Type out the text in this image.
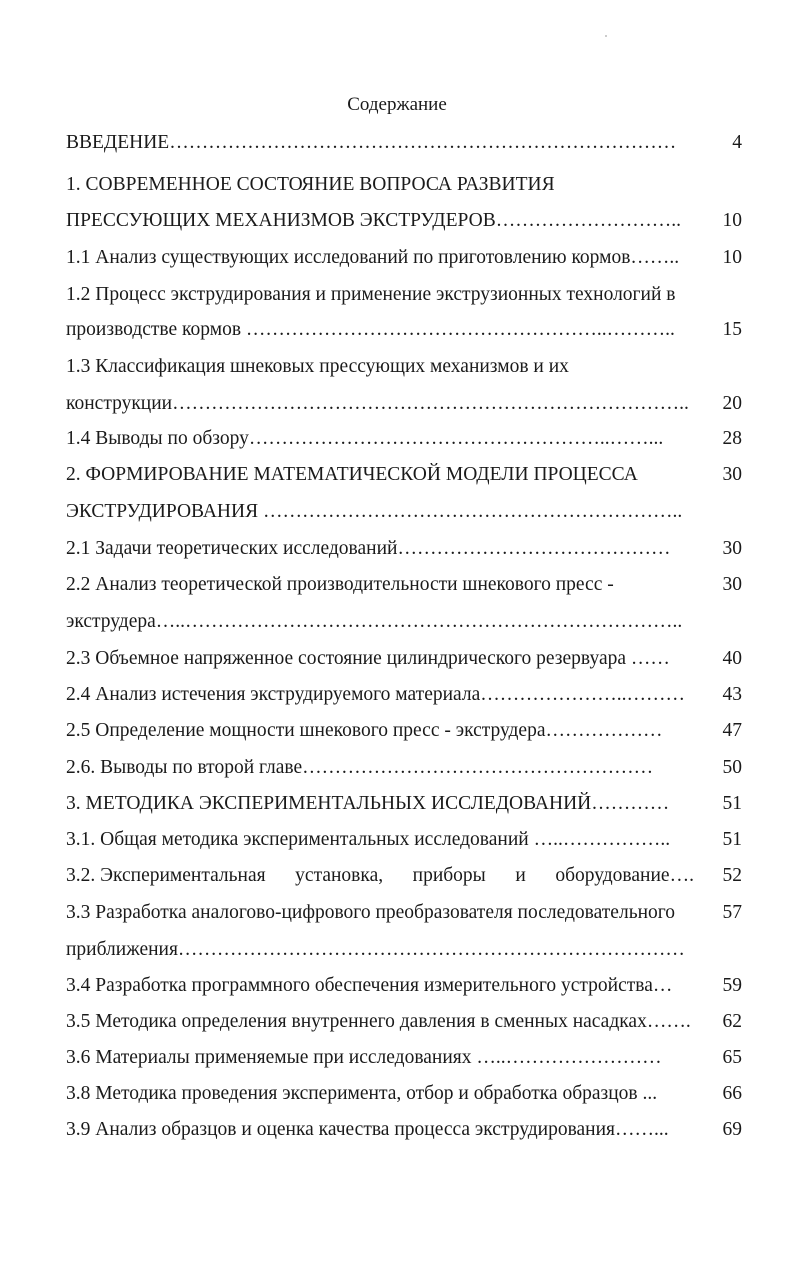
Содержание
ВВЕДЕНИЕ……………………………………………………………………	4
1. СОВРЕМЕННОЕ СОСТОЯНИЕ ВОПРОСА РАЗВИТИЯ
ПРЕССУЮЩИХ МЕХАНИЗМОВ ЭКСТРУДЕРОВ………………………..	10
1.1 Анализ существующих исследований по приготовлению кормов……..	10
1.2 Процесс экструдирования и применение экструзионных технологий в
производстве кормов ………………………………………………..………..	15
1.3 Классификация шнековых прессующих механизмов и их
конструкции……………………………………………………………………..	20
1.4 Выводы по обзору………………………………………………..……...	28
2. ФОРМИРОВАНИЕ МАТЕМАТИЧЕСКОЙ МОДЕЛИ ПРОЦЕССА	30
ЭКСТРУДИРОВАНИЯ ………………………………………………………..
2.1 Задачи теоретических исследований……………………………………	30
2.2 Анализ теоретической производительности шнекового пресс -	30
экструдера…..…………………………………………………………………..
2.3 Объемное напряженное состояние цилиндрического резервуара ……	40
2.4 Анализ истечения экструдируемого материала…………………..………	43
2.5 Определение мощности шнекового пресс - экструдера………………	47
2.6. Выводы по второй главе………………………………………………	50
3. МЕТОДИКА ЭКСПЕРИМЕНТАЛЬНЫХ ИССЛЕДОВАНИЙ…………	51
3.1. Общая методика экспериментальных исследований …..……………..	51
3.2. Экспериментальная установка, приборы и оборудование….	52
3.3 Разработка аналогово-цифрового преобразователя последовательного	57
приближения……………………………………………………………………
3.4 Разработка программного обеспечения измерительного устройства…	59
3.5 Методика определения внутреннего давления в сменных насадках…….	62
3.6 Материалы применяемые при исследованиях …..……………………	65
3.8 Методика проведения эксперимента, отбор и обработка образцов ...	66
3.9 Анализ образцов и оценка качества процесса экструдирования……...	69
